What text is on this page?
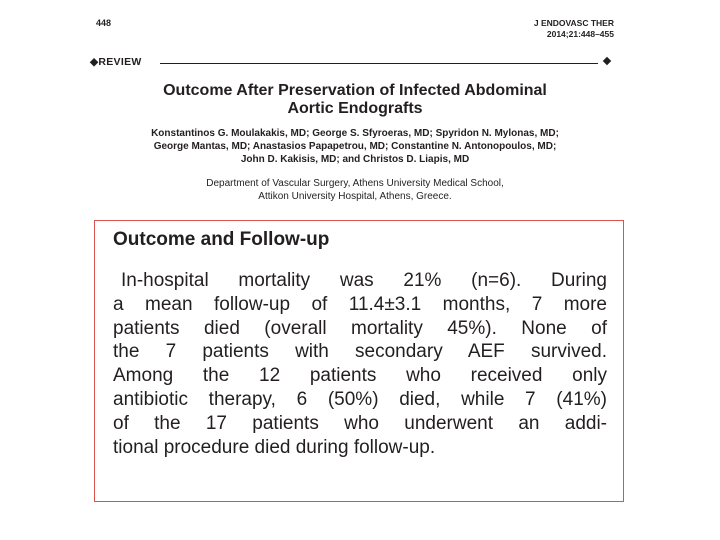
448	J ENDOVASC THER
2014;21:448–455
◆REVIEW
Outcome After Preservation of Infected Abdominal
Aortic Endografts
Konstantinos G. Moulakakis, MD; George S. Sfyroeras, MD; Spyridon N. Mylonas, MD;
George Mantas, MD; Anastasios Papapetrou, MD; Constantine N. Antonopoulos, MD;
John D. Kakisis, MD; and Christos D. Liapis, MD
Department of Vascular Surgery, Athens University Medical School,
Attikon University Hospital, Athens, Greece.
Outcome and Follow-up
In-hospital mortality was 21% (n=6). During
a mean follow-up of 11.4±3.1 months, 7 more
patients died (overall mortality 45%). None of
the 7 patients with secondary AEF survived.
Among the 12 patients who received only
antibiotic therapy, 6 (50%) died, while 7 (41%)
of the 17 patients who underwent an addi-
tional procedure died during follow-up.
